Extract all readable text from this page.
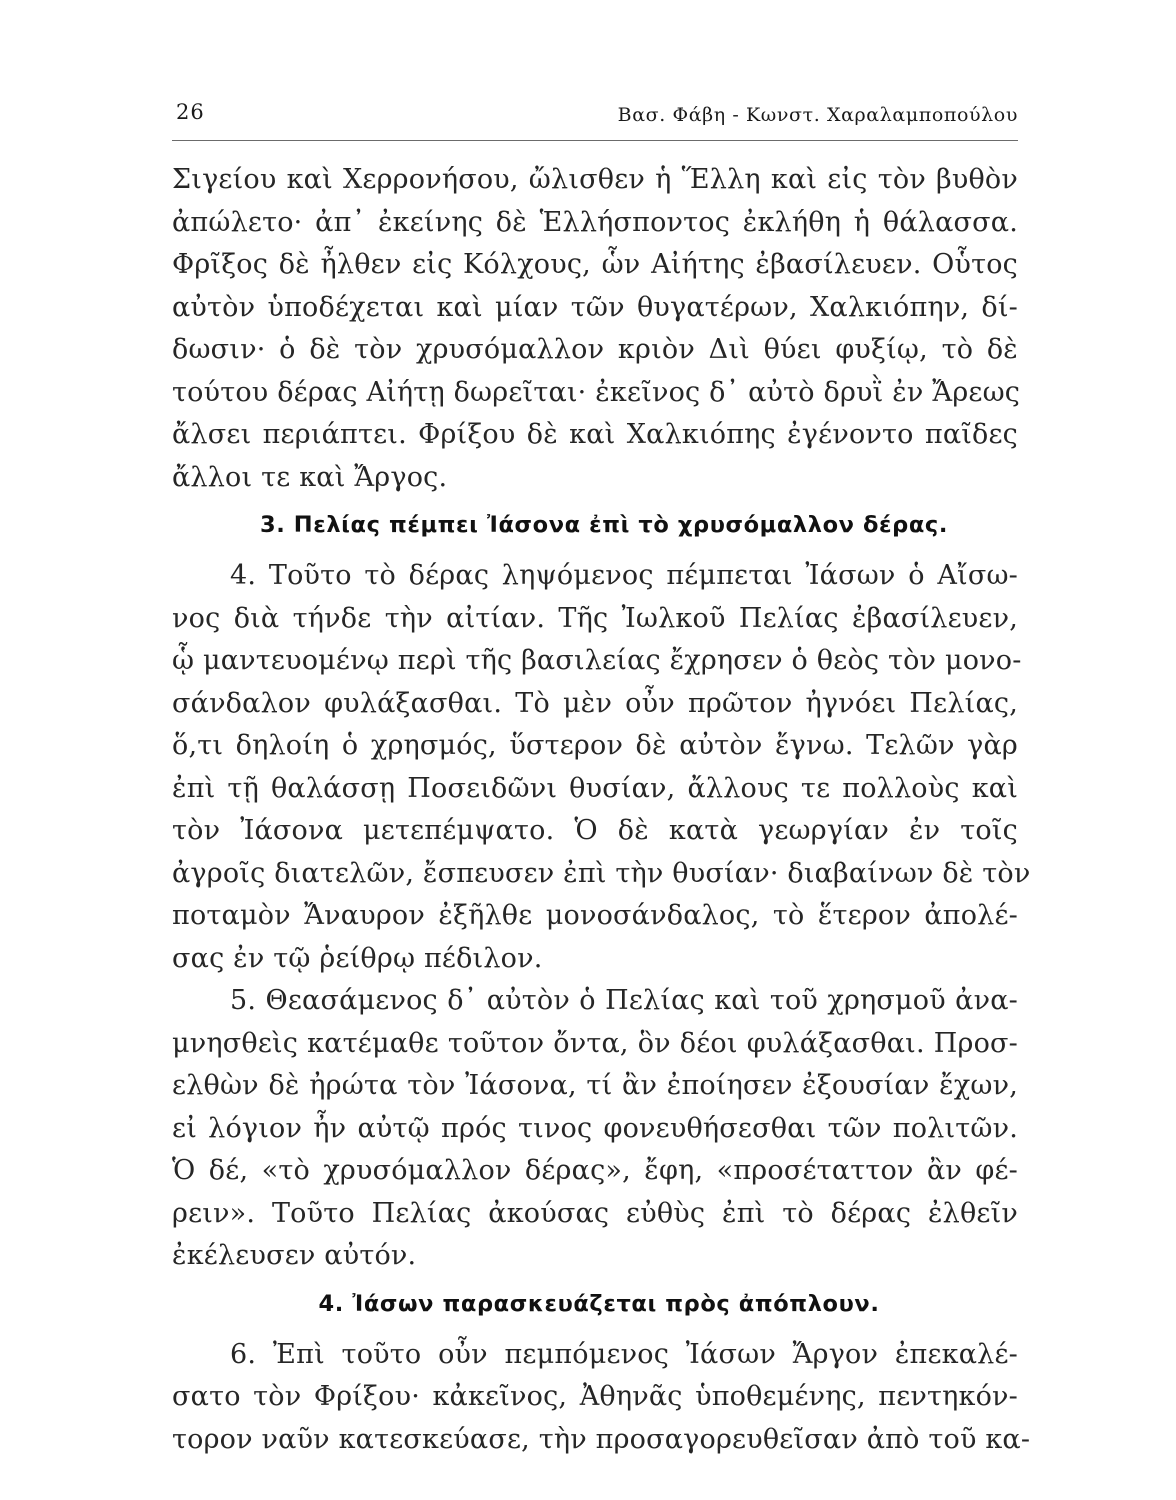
26	Βασ. Φάβη - Κωνστ. Χαραλαμποπούλου
Σιγείου καὶ Χερρονήσου, ὤλισθεν ἡ Ἕλλη καὶ εἰς τὸν βυθὸν
ἀπώλετο· ἀπ᾽ ἐκείνης δὲ Ἑλλήσποντος ἐκλήθη ἡ θάλασσα.
Φρῖξος δὲ ἦλθεν εἰς Κόλχους, ὧν Αἰήτης ἐβασίλευεν. Οὗτος
αὐτὸν ὑποδέχεται καὶ μίαν τῶν θυγατέρων, Χαλκιόπην, δί-
δωσιν· ὁ δὲ τὸν χρυσόμαλλον κριὸν Διὶ θύει φυξίῳ, τὸ δὲ
τούτου δέρας Αἰήτῃ δωρεῖται· ἐκεῖνος δ᾽ αὐτὸ δρυῒ ἐν Ἄρεως
ἄλσει περιάπτει. Φρίξου δὲ καὶ Χαλκιόπης ἐγένοντο παῖδες
ἄλλοι τε καὶ Ἄργος.
3. Πελίας πέμπει Ἰάσονα ἐπὶ τὸ χρυσόμαλλον δέρας.
4. Τοῦτο τὸ δέρας ληψόμενος πέμπεται Ἰάσων ὁ Αἴσω-
νος διὰ τήνδε τὴν αἰτίαν. Τῆς Ἰωλκοῦ Πελίας ἐβασίλευεν,
ᾧ μαντευομένῳ περὶ τῆς βασιλείας ἔχρησεν ὁ θεὸς τὸν μονο-
σάνδαλον φυλάξασθαι. Τὸ μὲν οὖν πρῶτον ἠγνόει Πελίας,
ὅ,τι δηλοίη ὁ χρησμός, ὕστερον δὲ αὐτὸν ἔγνω. Τελῶν γὰρ
ἐπὶ τῇ θαλάσσῃ Ποσειδῶνι θυσίαν, ἄλλους τε πολλοὺς καὶ
τὸν Ἰάσονα μετεπέμψατο. Ὁ δὲ κατὰ γεωργίαν ἐν τοῖς
ἀγροῖς διατελῶν, ἔσπευσεν ἐπὶ τὴν θυσίαν· διαβαίνων δὲ τὸν
ποταμὸν Ἄναυρον ἐξῆλθε μονοσάνδαλος, τὸ ἕτερον ἀπολέ-
σας ἐν τῷ ῥείθρῳ πέδιλον.
5. Θεασάμενος δ᾽ αὐτὸν ὁ Πελίας καὶ τοῦ χρησμοῦ ἀνα-
μνησθεὶς κατέμαθε τοῦτον ὄντα, ὃν δέοι φυλάξασθαι. Προσ-
ελθὼν δὲ ἠρώτα τὸν Ἰάσονα, τί ἂν ἐποίησεν ἐξουσίαν ἔχων,
εἰ λόγιον ἦν αὐτῷ πρός τινος φονευθήσεσθαι τῶν πολιτῶν.
Ὁ δέ, «τὸ χρυσόμαλλον δέρας», ἔφη, «προσέταττον ἂν φέ-
ρειν». Τοῦτο Πελίας ἀκούσας εὐθὺς ἐπὶ τὸ δέρας ἐλθεῖν
ἐκέλευσεν αὐτόν.
4. Ἰάσων παρασκευάζεται πρὸς ἀπόπλουν.
6. Ἐπὶ τοῦτο οὖν πεμπόμενος Ἰάσων Ἄργον ἐπεκαλέ-
σατο τὸν Φρίξου· κἀκεῖνος, Ἀθηνᾶς ὑποθεμένης, πεντηκόν-
τορον ναῦν κατεσκεύασε, τὴν προσαγορευθεῖσαν ἀπὸ τοῦ κα-
